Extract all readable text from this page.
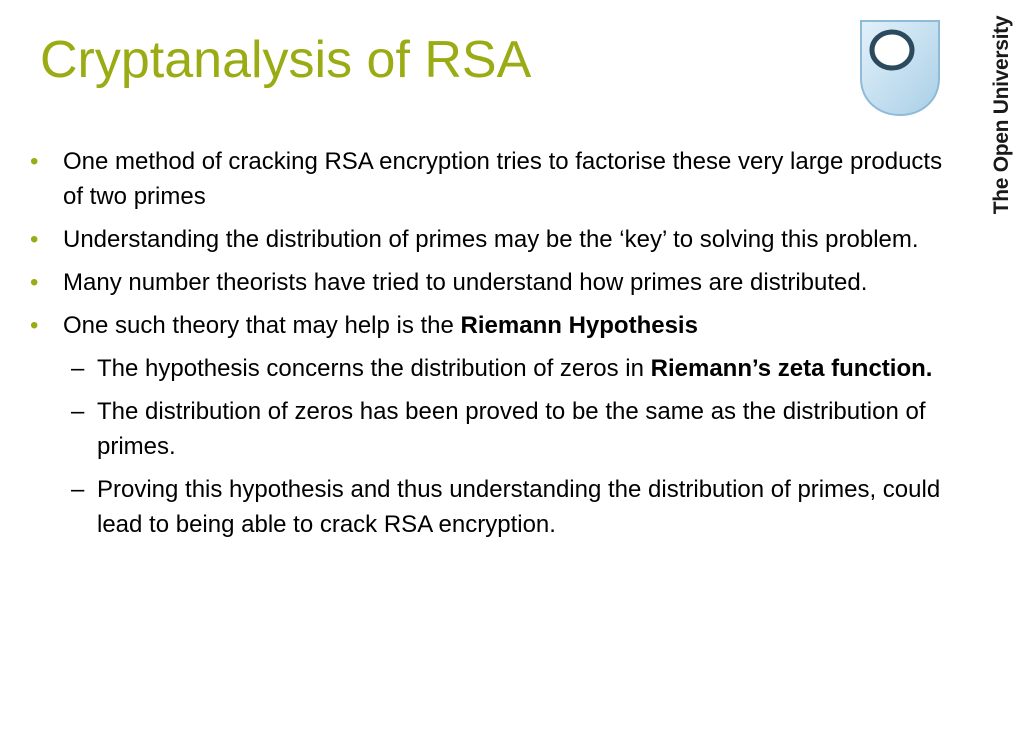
Cryptanalysis of RSA	The Open University
•	One method of cracking RSA encryption tries to factorise these very large products of two primes
•	Understanding the distribution of primes may be the ‘key’ to solving this problem.
•	Many number theorists have tried to understand how primes are distributed.
•	One such theory that may help is the Riemann Hypothesis
– The hypothesis concerns the distribution of zeros in Riemann’s zeta function.
– The distribution of zeros has been proved to be the same as the distribution of primes.
– Proving this hypothesis and thus understanding the distribution of primes, could lead to being able to crack RSA encryption.
